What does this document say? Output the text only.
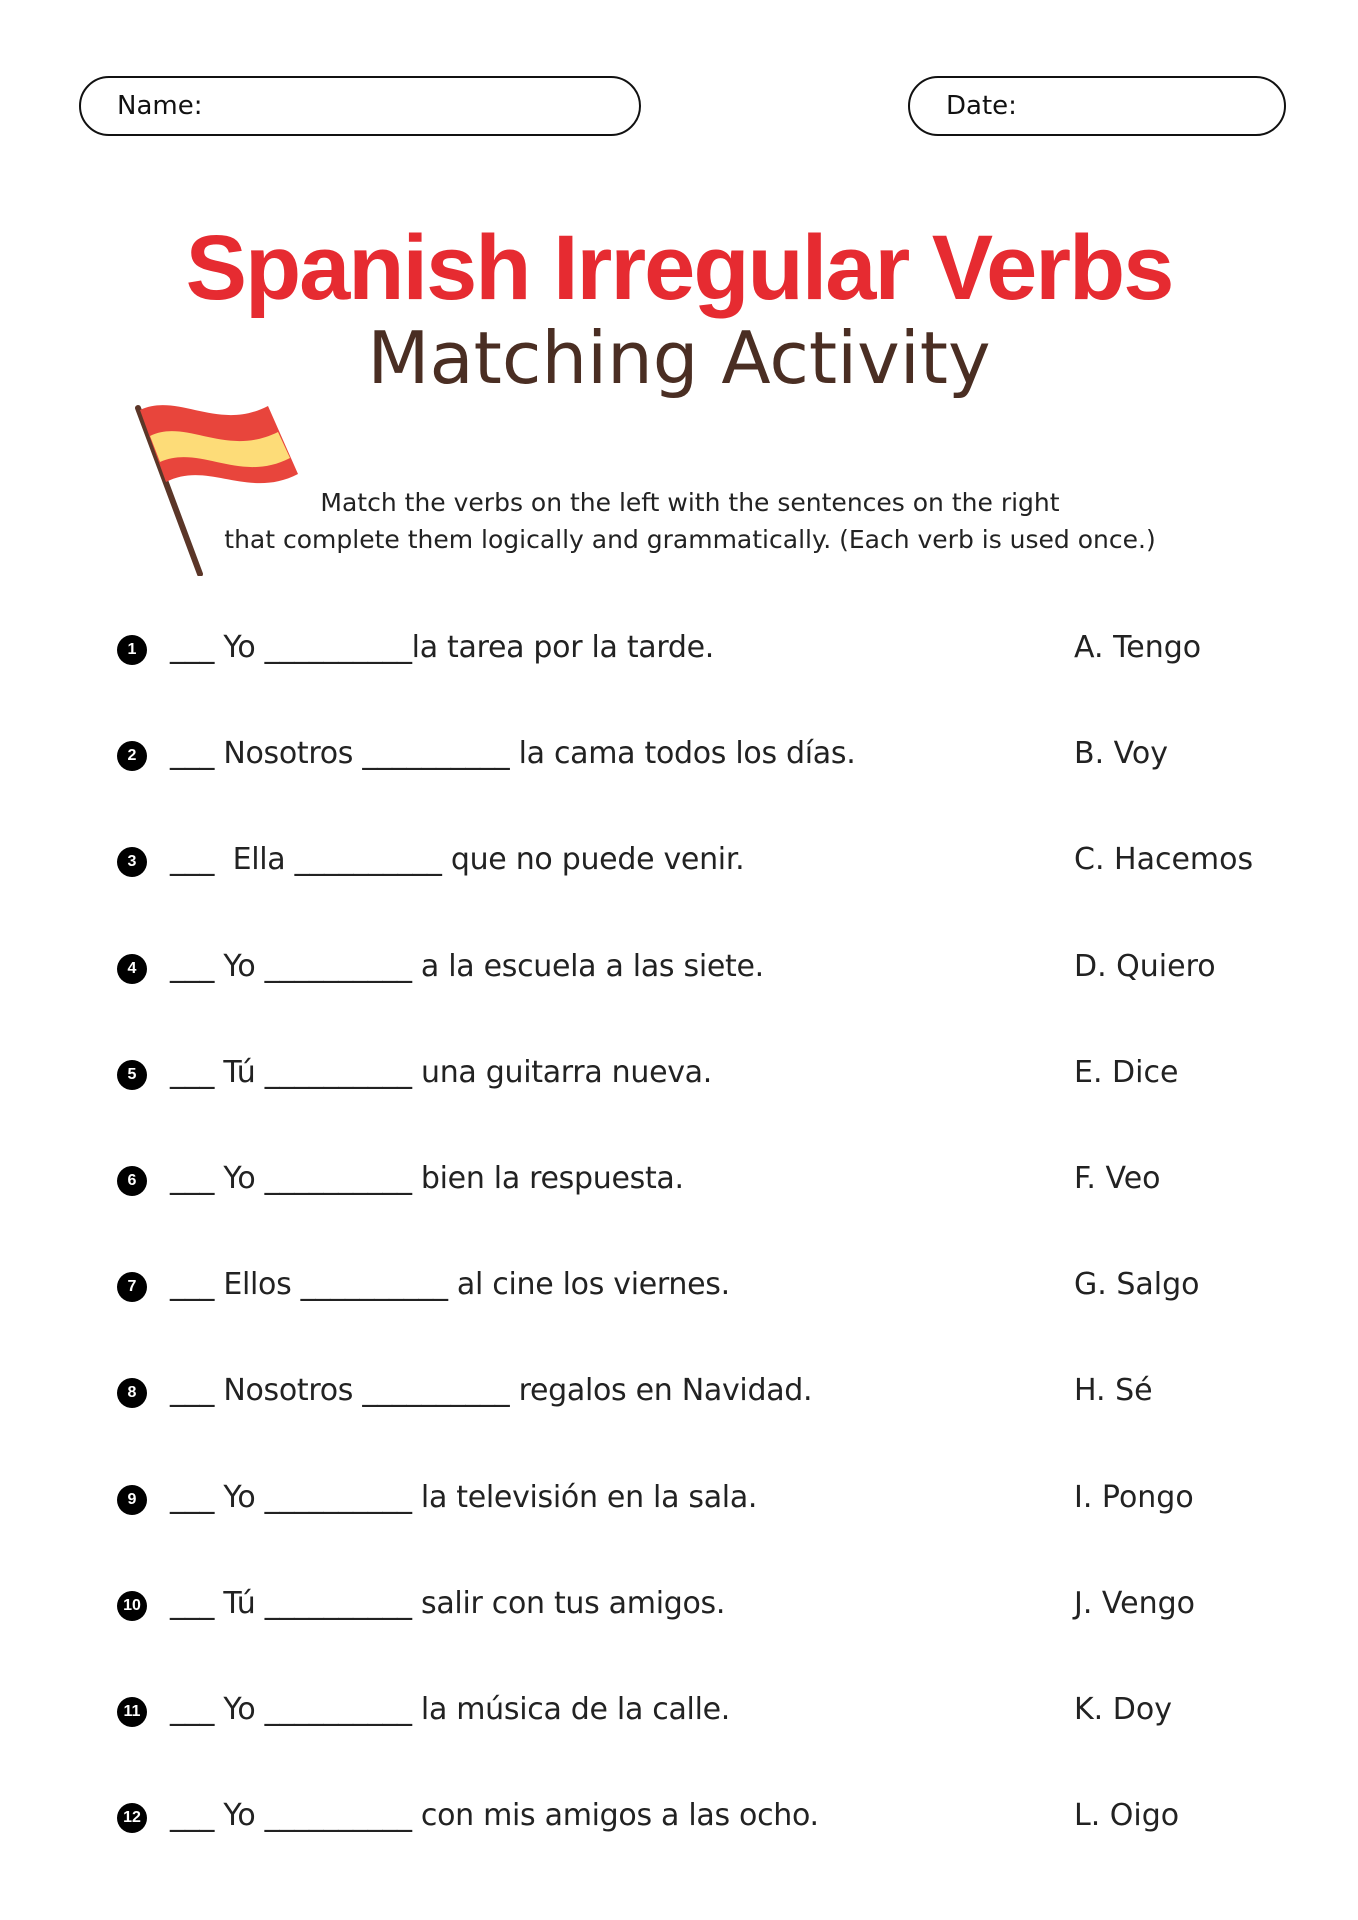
Name:	Date:
Spanish Irregular Verbs
Matching Activity
Match the verbs on the left with the sentences on the right
that complete them logically and grammatically. (Each verb is used once.)
1	___ Yo __________la tarea por la tarde.	A. Tengo
2	___ Nosotros __________ la cama todos los días.	B. Voy
3	___  Ella __________ que no puede venir.	C. Hacemos
4	___ Yo __________ a la escuela a las siete.	D. Quiero
5	___ Tú __________ una guitarra nueva.	E. Dice
6	___ Yo __________ bien la respuesta.	F. Veo
7	___ Ellos __________ al cine los viernes.	G. Salgo
8	___ Nosotros __________ regalos en Navidad.	H. Sé
9	___ Yo __________ la televisión en la sala.	I. Pongo
10 ___ Tú __________ salir con tus amigos.	J. Vengo
11 ___ Yo __________ la música de la calle.	K. Doy
12 ___ Yo __________ con mis amigos a las ocho.	L. Oigo
